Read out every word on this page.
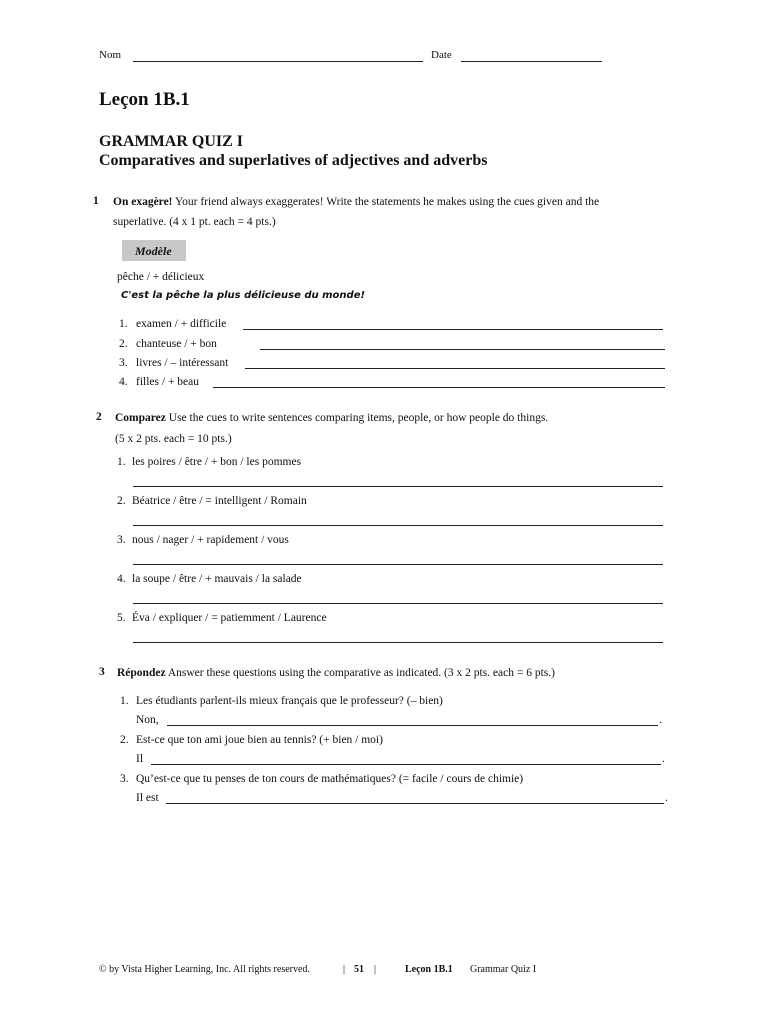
Nom	Date
Leçon 1B.1
GRAMMAR QUIZ I
Comparatives and superlatives of adjectives and adverbs
1 On exagère! Your friend always exaggerates! Write the statements he makes using the cues given and the
superlative. (4 x 1 pt. each = 4 pts.)
Modèle
pêche / + délicieux
C'est la pêche la plus délicieuse du monde!
1. examen / + difficile
2. chanteuse / + bon
3. livres / – intéressant
4. filles / + beau
2 Comparez Use the cues to write sentences comparing items, people, or how people do things.
(5 x 2 pts. each = 10 pts.)
1. les poires / être / + bon / les pommes
2. Béatrice / être / = intelligent / Romain
3. nous / nager / + rapidement / vous
4. la soupe / être / + mauvais / la salade
5. Éva / expliquer / = patiemment / Laurence
3 Répondez Answer these questions using the comparative as indicated. (3 x 2 pts. each = 6 pts.)
1. Les étudiants parlent-ils mieux français que le professeur? (– bien)
Non,	.
2. Est-ce que ton ami joue bien au tennis? (+ bien / moi)
Il	.
3. Qu’est-ce que tu penses de ton cours de mathématiques? (= facile / cours de chimie)
Il est	.
© by Vista Higher Learning, Inc. All rights reserved.	| 51 |	Leçon 1B.1 Grammar Quiz I
